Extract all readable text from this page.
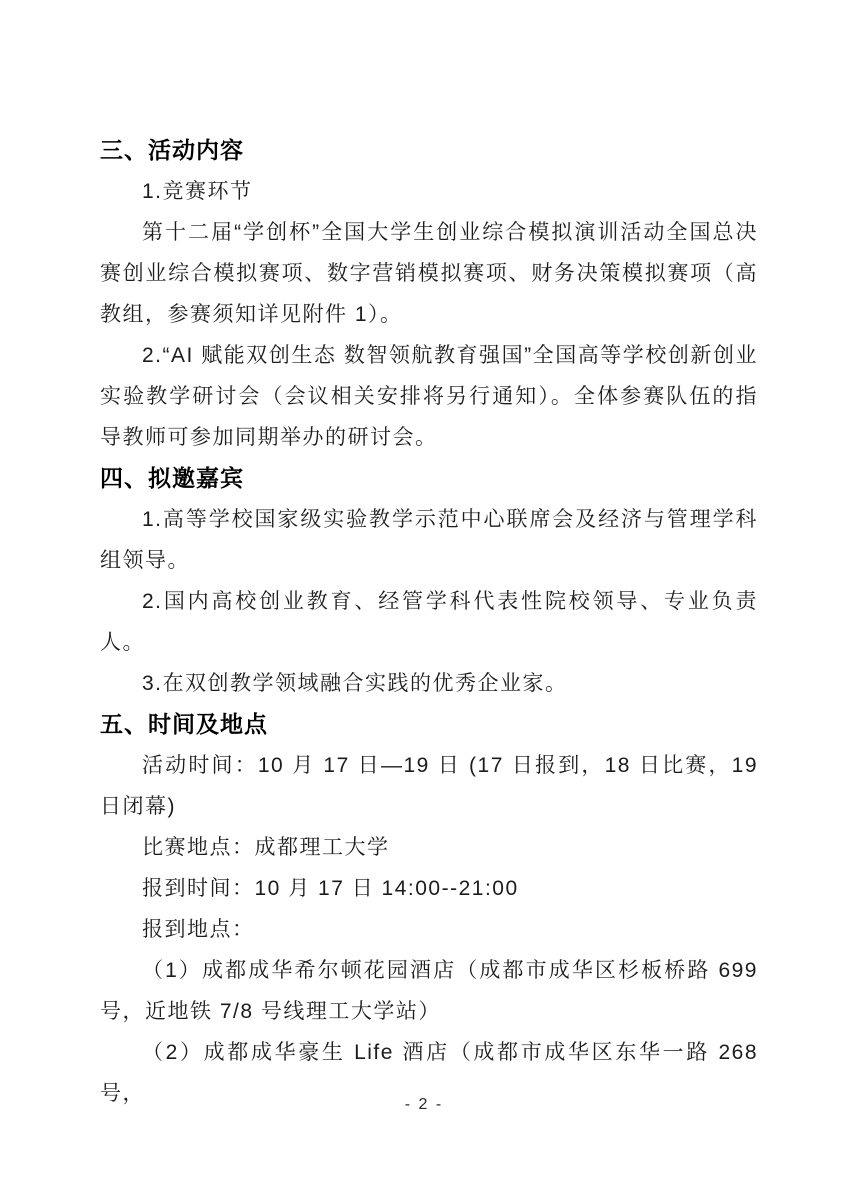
三、活动内容

1.竞赛环节

第十二届“学创杯”全国大学生创业综合模拟演训活动全国总决赛创业综合模拟赛项、数字营销模拟赛项、财务决策模拟赛项（高教组，参赛须知详见附件 1）。

2.“AI 赋能双创生态 数智领航教育强国”全国高等学校创新创业实验教学研讨会（会议相关安排将另行通知）。全体参赛队伍的指导教师可参加同期举办的研讨会。

四、拟邀嘉宾

1.高等学校国家级实验教学示范中心联席会及经济与管理学科组领导。

2.国内高校创业教育、经管学科代表性院校领导、专业负责人。

3.在双创教学领域融合实践的优秀企业家。

五、时间及地点

活动时间：10 月 17 日—19 日 (17 日报到，18 日比赛，19 日闭幕)

比赛地点：成都理工大学

报到时间：10 月 17 日 14:00--21:00

报到地点：

（1）成都成华希尔顿花园酒店（成都市成华区杉板桥路 699 号，近地铁 7/8 号线理工大学站）

（2）成都成华豪生 Life 酒店（成都市成华区东华一路 268 号，	- 2 -
